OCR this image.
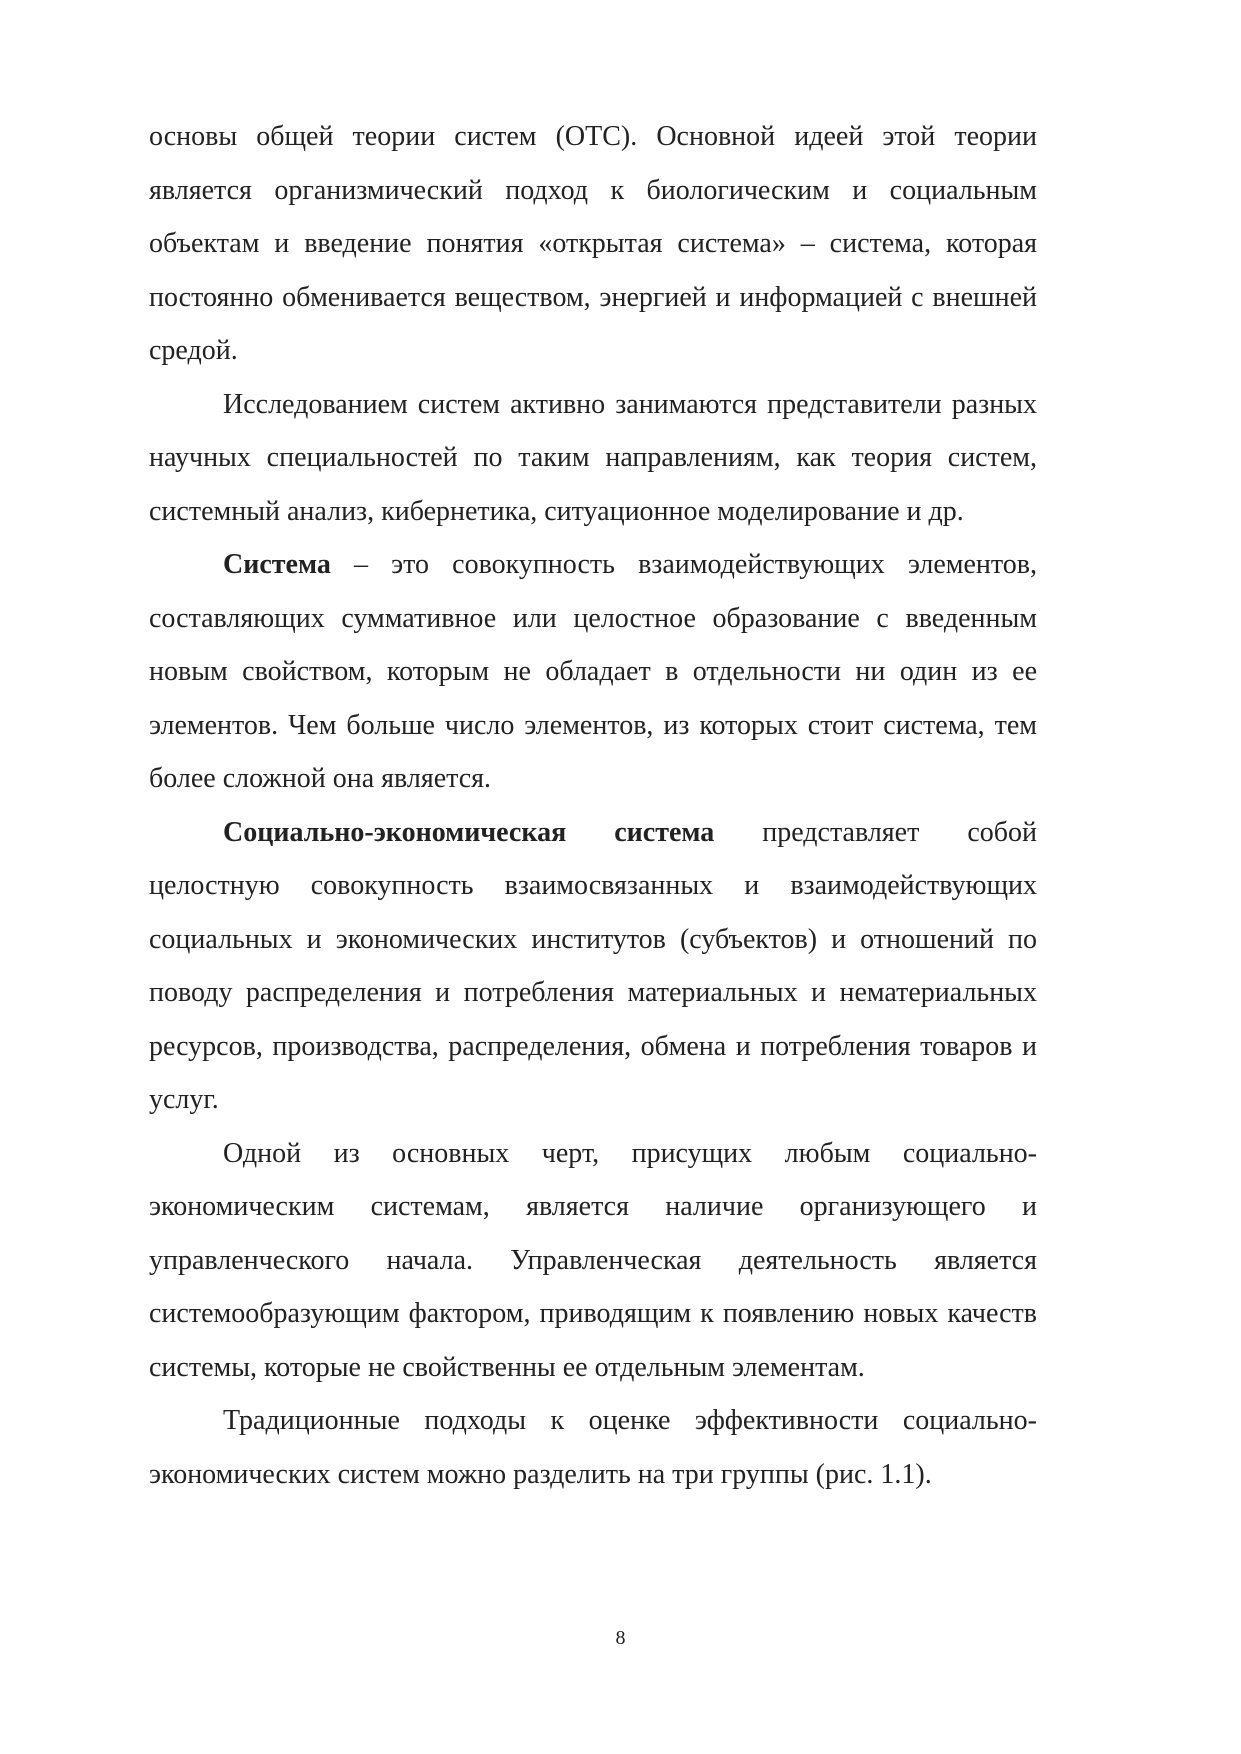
основы общей теории систем (ОТС). Основной идеей этой теории является организмический подход к биологическим и социальным объектам и введение понятия «открытая система» – система, которая постоянно обменивается веществом, энергией и информацией с внешней средой.

Исследованием систем активно занимаются представители разных научных специальностей по таким направлениям, как теория систем, системный анализ, кибернетика, ситуационное моделирование и др.

Система – это совокупность взаимодействующих элементов, составляющих суммативное или целостное образование с введенным новым свойством, которым не обладает в отдельности ни один из ее элементов. Чем больше число элементов, из которых стоит система, тем более сложной она является.

Социально-экономическая система представляет собой целостную совокупность взаимосвязанных и взаимодействующих социальных и экономических институтов (субъектов) и отношений по поводу распределения и потребления материальных и нематериальных ресурсов, производства, распределения, обмена и потребления товаров и услуг.

Одной из основных черт, присущих любым социально-экономическим системам, является наличие организующего и управленческого начала. Управленческая деятельность является системообразующим фактором, приводящим к появлению новых качеств системы, которые не свойственны ее отдельным элементам.

Традиционные подходы к оценке эффективности социально-экономических систем можно разделить на три группы (рис. 1.1).

8
